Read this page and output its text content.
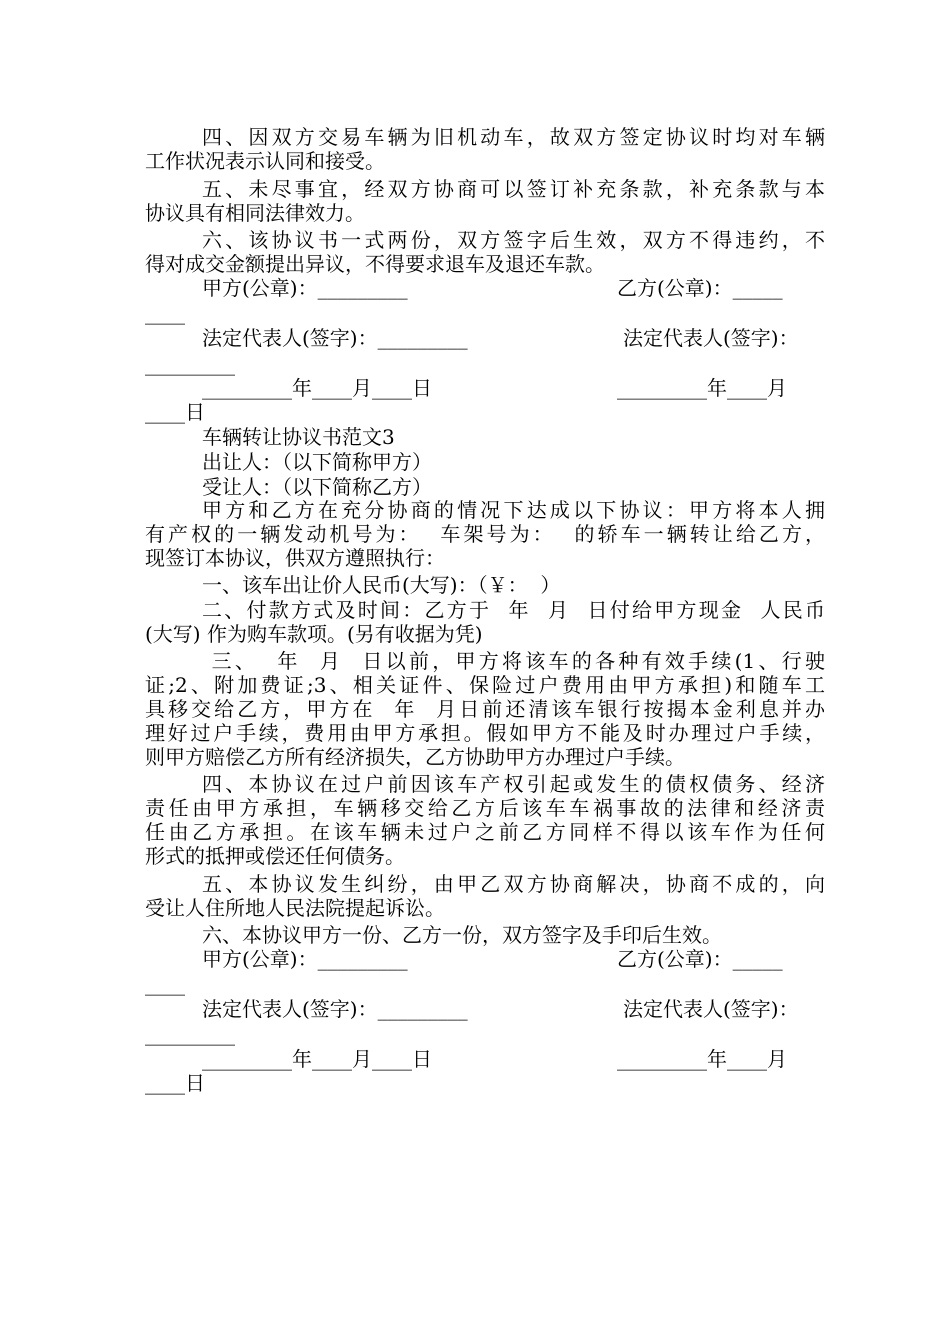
四、因双方交易车辆为旧机动车，故双方签定协议时均对车辆
工作状况表示认同和接受。
五、未尽事宜，经双方协商可以签订补充条款，补充条款与本
协议具有相同法律效力。
六、该协议书一式两份，双方签字后生效，双方不得违约，不
得对成交金额提出异议，不得要求退车及退还车款。

甲方(公章)：_________

	乙方(公章)：_____

____

法定代表人(签字)：_________

	法定代表人(签字)：

_________

_________年____月____日

	_________年____月

____日
车辆转让协议书范文3
出让人：（以下简称甲方）
受让人：（以下简称乙方）
甲方和乙方在充分协商的情况下达成以下协议：甲方将本人拥
有产权的一辆发动机号为：  车架号为：  的轿车一辆转让给乙方，
现签订本协议，供双方遵照执行：
一、该车出让价人民币(大写)：（￥：  ）
二、付款方式及时间：乙方于  年  月  日付给甲方现金  人民币
(大写) 作为购车款项。(另有收据为凭)
三、  年  月  日以前，甲方将该车的各种有效手续(1、行驶
证;2、附加费证;3、相关证件、保险过户费用由甲方承担)和随车工
具移交给乙方，甲方在  年  月日前还清该车银行按揭本金利息并办
理好过户手续，费用由甲方承担。假如甲方不能及时办理过户手续，
则甲方赔偿乙方所有经济损失，乙方协助甲方办理过户手续。
四、本协议在过户前因该车产权引起或发生的债权债务、经济
责任由甲方承担，车辆移交给乙方后该车车祸事故的法律和经济责
任由乙方承担。在该车辆未过户之前乙方同样不得以该车作为任何
形式的抵押或偿还任何债务。
五、本协议发生纠纷，由甲乙双方协商解决，协商不成的，向
受让人住所地人民法院提起诉讼。
六、本协议甲方一份、乙方一份，双方签字及手印后生效。

甲方(公章)：_________

	乙方(公章)：_____

____

法定代表人(签字)：_________

	法定代表人(签字)：

_________

_________年____月____日

	_________年____月

____日
